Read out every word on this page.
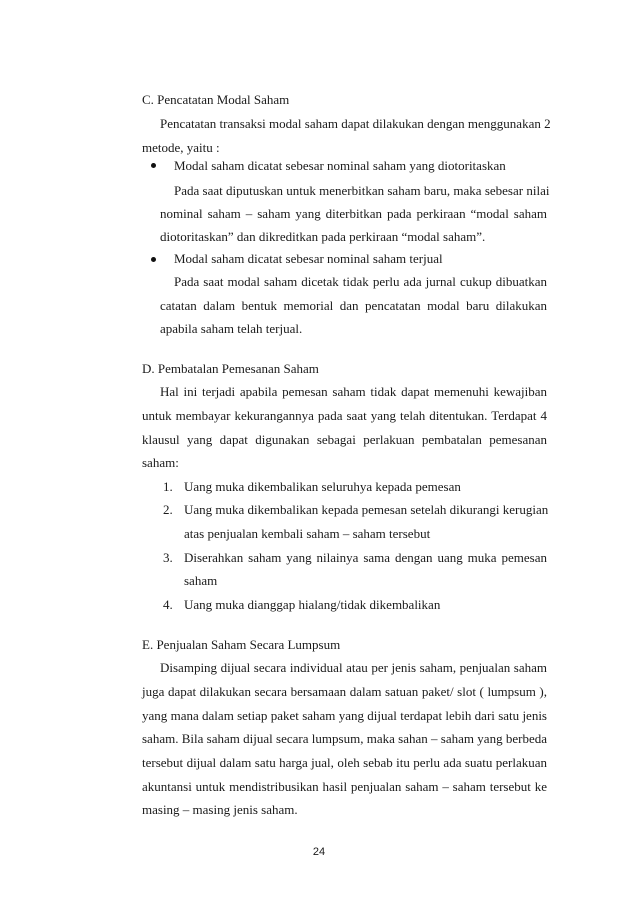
C. Pencatatan Modal Saham
Pencatatan transaksi modal saham dapat dilakukan dengan menggunakan 2
metode, yaitu :
Modal saham dicatat sebesar nominal saham yang diotoritaskan
Pada saat diputuskan untuk menerbitkan saham baru, maka sebesar nilai
nominal saham – saham yang diterbitkan pada perkiraan “modal saham
diotoritaskan” dan dikreditkan pada perkiraan “modal saham”.
Modal saham dicatat sebesar nominal saham terjual
Pada saat modal saham dicetak tidak perlu ada jurnal cukup dibuatkan
catatan dalam bentuk memorial dan pencatatan modal baru dilakukan
apabila saham telah terjual.
D. Pembatalan Pemesanan Saham
Hal ini terjadi apabila pemesan saham tidak dapat memenuhi kewajiban
untuk membayar kekurangannya pada saat yang telah ditentukan. Terdapat 4
klausul yang dapat digunakan sebagai perlakuan pembatalan pemesanan
saham:
1. Uang muka dikembalikan seluruhya kepada pemesan
2. Uang muka dikembalikan kepada pemesan setelah dikurangi kerugian
atas penjualan kembali saham – saham tersebut
3. Diserahkan saham yang nilainya sama dengan uang muka pemesan
saham
4. Uang muka dianggap hialang/tidak dikembalikan
E. Penjualan Saham Secara Lumpsum
Disamping dijual secara individual atau per jenis saham, penjualan saham
juga dapat dilakukan secara bersamaan dalam satuan paket/ slot ( lumpsum ),
yang mana dalam setiap paket saham yang dijual terdapat lebih dari satu jenis
saham. Bila saham dijual secara lumpsum, maka sahan – saham yang berbeda
tersebut dijual dalam satu harga jual, oleh sebab itu perlu ada suatu perlakuan
akuntansi untuk mendistribusikan hasil penjualan saham – saham tersebut ke
masing – masing jenis saham.
24
